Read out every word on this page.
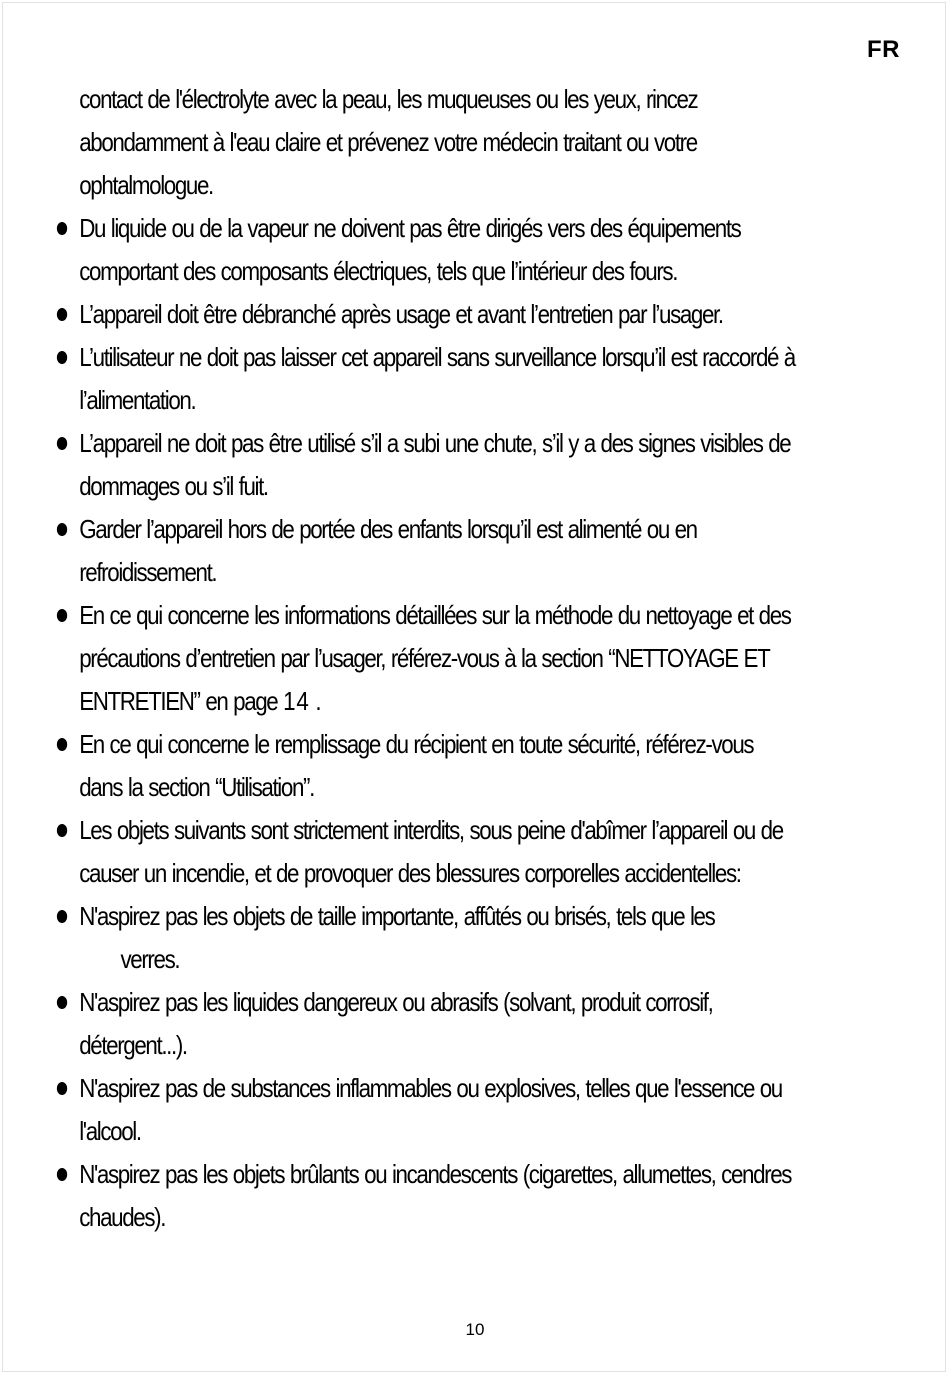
FR

contact de l'électrolyte avec la peau, les muqueuses ou les yeux, rincez abondamment à l'eau claire et prévenez votre médecin traitant ou votre ophtalmologue.

Du liquide ou de la vapeur ne doivent pas être dirigés vers des équipements comportant des composants électriques, tels que l’intérieur des fours.
L’appareil doit être débranché après usage et avant l’entretien par l’usager.
L’utilisateur ne doit pas laisser cet appareil sans surveillance lorsqu’il est raccordé à l’alimentation.
L’appareil ne doit pas être utilisé s’il a subi une chute, s’il y a des signes visibles de dommages ou s’il fuit.
Garder l’appareil hors de portée des enfants lorsqu’il est alimenté ou en refroidissement.
En ce qui concerne les informations détaillées sur la méthode du nettoyage et des précautions d’entretien par l’usager, référez-vous à la section “NETTOYAGE ET ENTRETIEN” en page 14 .
En ce qui concerne le remplissage du récipient en toute sécurité, référez-vous dans la section “Utilisation”.
Les objets suivants sont strictement interdits, sous peine d'abîmer l’appareil ou de causer un incendie, et de provoquer des blessures corporelles accidentelles:
N'aspirez pas les objets de taille importante, affûtés ou brisés, tels que les
verres.
N'aspirez pas les liquides dangereux ou abrasifs (solvant, produit corrosif, détergent...).
N'aspirez pas de substances inflammables ou explosives, telles que l'essence ou l'alcool.
N'aspirez pas les objets brûlants ou incandescents (cigarettes, allumettes, cendres chaudes).
10
